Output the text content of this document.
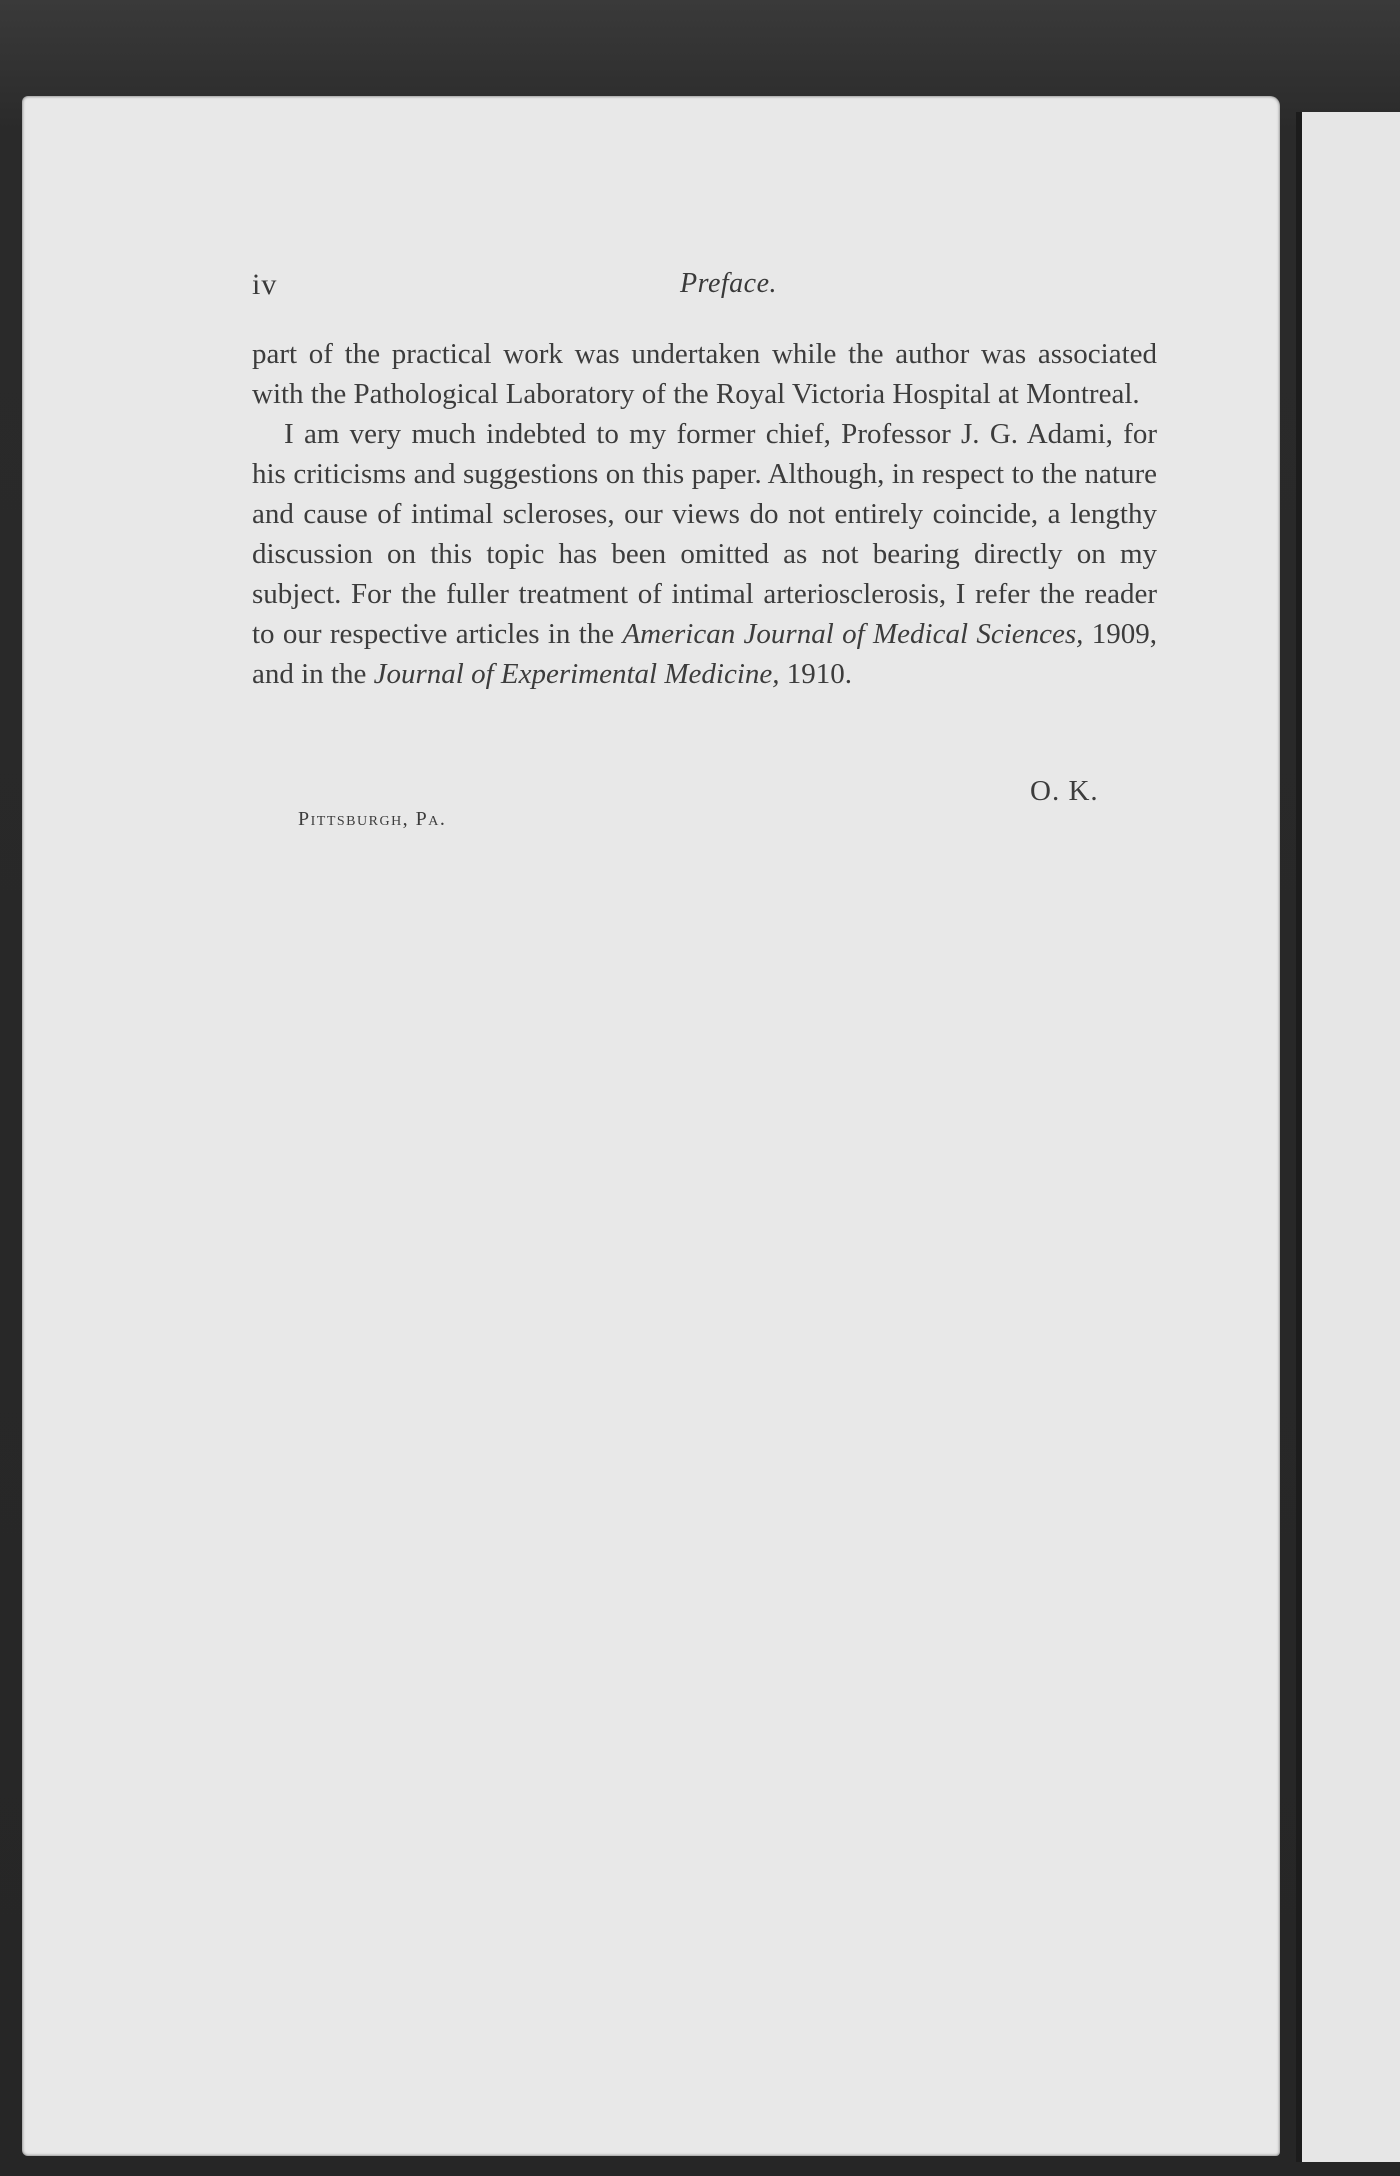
iv	Preface.

part of the practical work was undertaken while the author was associated with the Pathological Laboratory of the Royal Victoria Hospital at Montreal.

I am very much indebted to my former chief, Professor J. G. Adami, for his criticisms and suggestions on this paper. Although, in respect to the nature and cause of intimal scleroses, our views do not entirely coincide, a lengthy discussion on this topic has been omitted as not bearing directly on my subject. For the fuller treatment of intimal arteriosclerosis, I refer the reader to our respective articles in the American Journal of Medical Sciences, 1909, and in the Journal of Experimental Medicine, 1910.

O. K.
Pittsburgh, Pa.
